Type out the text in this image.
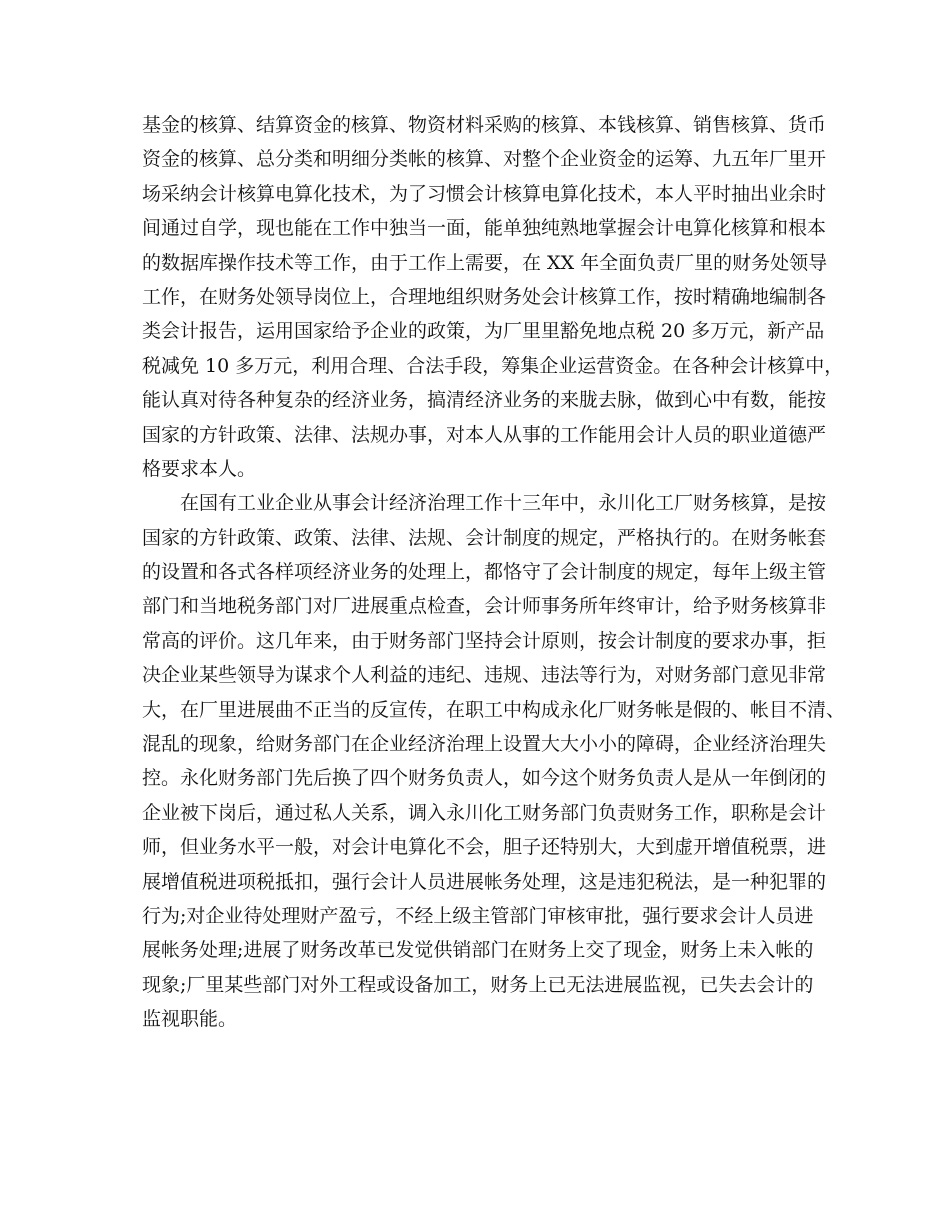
基金的核算、结算资金的核算、物资材料采购的核算、本钱核算、销售核算、货币
资金的核算、总分类和明细分类帐的核算、对整个企业资金的运筹、九五年厂里开
场采纳会计核算电算化技术，为了习惯会计核算电算化技术，本人平时抽出业余时
间通过自学，现也能在工作中独当一面，能单独纯熟地掌握会计电算化核算和根本
的数据库操作技术等工作，由于工作上需要，在 XX 年全面负责厂里的财务处领导
工作，在财务处领导岗位上，合理地组织财务处会计核算工作，按时精确地编制各
类会计报告，运用国家给予企业的政策，为厂里里豁免地点税 20 多万元，新产品
税减免 10 多万元，利用合理、合法手段，筹集企业运营资金。在各种会计核算中，
能认真对待各种复杂的经济业务，搞清经济业务的来胧去脉，做到心中有数，能按
国家的方针政策、法律、法规办事，对本人从事的工作能用会计人员的职业道德严
格要求本人。
在国有工业企业从事会计经济治理工作十三年中，永川化工厂财务核算，是按
国家的方针政策、政策、法律、法规、会计制度的规定，严格执行的。在财务帐套
的设置和各式各样项经济业务的处理上，都恪守了会计制度的规定，每年上级主管
部门和当地税务部门对厂进展重点检查，会计师事务所年终审计，给予财务核算非
常高的评价。这几年来，由于财务部门坚持会计原则，按会计制度的要求办事，拒
决企业某些领导为谋求个人利益的违纪、违规、违法等行为，对财务部门意见非常
大，在厂里进展曲不正当的反宣传，在职工中构成永化厂财务帐是假的、帐目不清、
混乱的现象，给财务部门在企业经济治理上设置大大小小的障碍，企业经济治理失
控。永化财务部门先后换了四个财务负责人，如今这个财务负责人是从一年倒闭的
企业被下岗后，通过私人关系，调入永川化工财务部门负责财务工作，职称是会计
师，但业务水平一般，对会计电算化不会，胆子还特别大，大到虚开增值税票，进
展增值税进项税抵扣，强行会计人员进展帐务处理，这是违犯税法，是一种犯罪的
行为;对企业待处理财产盈亏，不经上级主管部门审核审批，强行要求会计人员进
展帐务处理;进展了财务改革已发觉供销部门在财务上交了现金，财务上未入帐的
现象;厂里某些部门对外工程或设备加工，财务上已无法进展监视，已失去会计的
监视职能。
